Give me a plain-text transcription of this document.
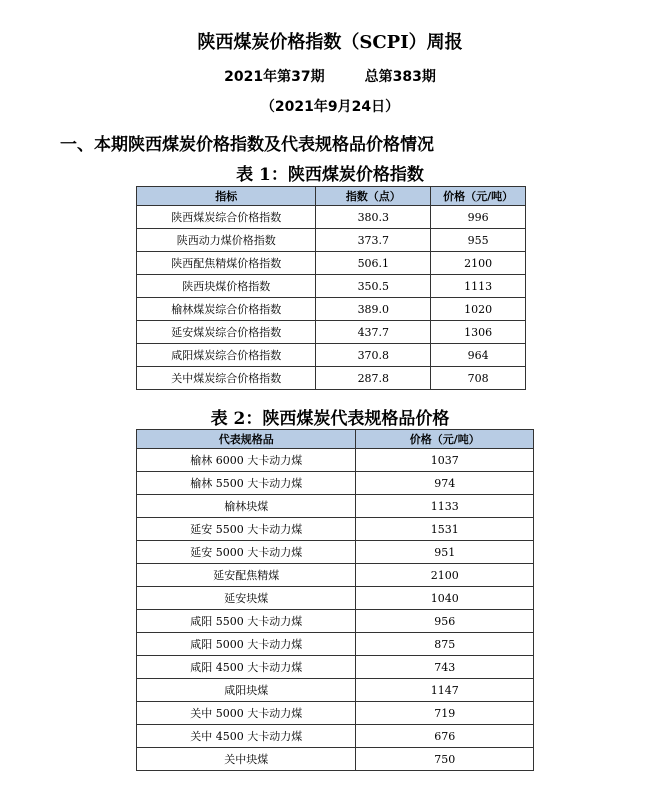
陕西煤炭价格指数（SCPI）周报
2021年第37期	总第383期
（2021年9月24日）
一、本期陕西煤炭价格指数及代表规格品价格情况
表 1：陕西煤炭价格指数
指标	指数（点）	价格（元/吨）
陕西煤炭综合价格指数	380.3	996
陕西动力煤价格指数	373.7	955
陕西配焦精煤价格指数	506.1	2100
陕西块煤价格指数	350.5	1113
榆林煤炭综合价格指数	389.0	1020
延安煤炭综合价格指数	437.7	1306
咸阳煤炭综合价格指数	370.8	964
关中煤炭综合价格指数	287.8	708
表 2：陕西煤炭代表规格品价格
代表规格品	价格（元/吨）
榆林 6000 大卡动力煤	1037
榆林 5500 大卡动力煤	974
榆林块煤	1133
延安 5500 大卡动力煤	1531
延安 5000 大卡动力煤	951
延安配焦精煤	2100
延安块煤	1040
咸阳 5500 大卡动力煤	956
咸阳 5000 大卡动力煤	875
咸阳 4500 大卡动力煤	743
咸阳块煤	1147
关中 5000 大卡动力煤	719
关中 4500 大卡动力煤	676
关中块煤	750
